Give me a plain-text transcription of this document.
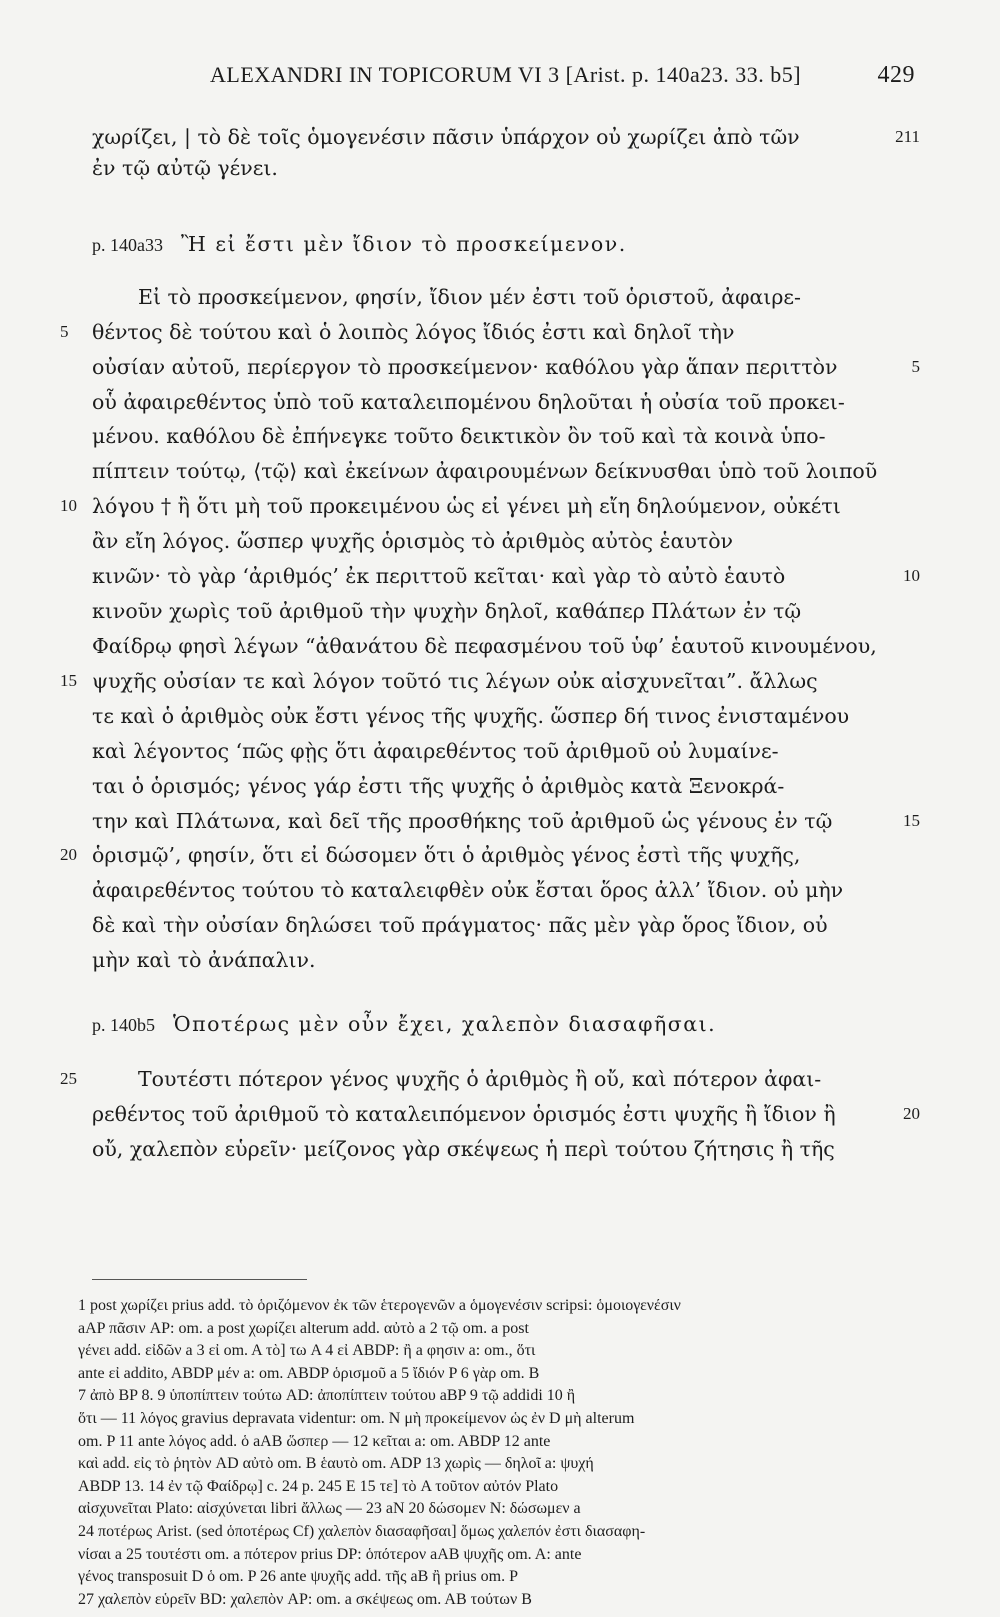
ALEXANDRI IN TOPICORUM VI 3 [Arist. p. 140a23. 33. b5]	429
χωρίζει, | τὸ δὲ τοῖς ὁμογενέσιν πᾶσιν ὑπάρχον οὐ χωρίζει ἀπὸ τῶν	211
ἐν τῷ αὐτῷ γένει.
p. 140a33 Ἢ εἰ ἔστι μὲν ἴδιον τὸ προσκείμενον.
Εἰ τὸ προσκείμενον, φησίν, ἴδιον μέν ἐστι τοῦ ὁριστοῦ, ἀφαιρε-
5	θέντος δὲ τούτου καὶ ὁ λοιπὸς λόγος ἴδιός ἐστι καὶ δηλοῖ τὴν
οὐσίαν αὐτοῦ, περίεργον τὸ προσκείμενον· καθόλου γὰρ ἅπαν περιττὸν	5
οὗ ἀφαιρεθέντος ὑπὸ τοῦ καταλειπομένου δηλοῦται ἡ οὐσία τοῦ προκει-
μένου. καθόλου δὲ ἐπήνεγκε τοῦτο δεικτικὸν ὂν τοῦ καὶ τὰ κοινὰ ὑπο-
πίπτειν τούτῳ, ⟨τῷ⟩ καὶ ἐκείνων ἀφαιρουμένων δείκνυσθαι ὑπὸ τοῦ λοιποῦ
10 λόγου † ἢ ὅτι μὴ τοῦ προκειμένου ὡς εἰ γένει μὴ εἴη δηλούμενον, οὐκέτι
ἂν εἴη λόγος. ὥσπερ ψυχῆς ὁρισμὸς τὸ ἀριθμὸς αὐτὸς ἑαυτὸν
κινῶν· τὸ γὰρ ‘ἀριθμός’ ἐκ περιττοῦ κεῖται· καὶ γὰρ τὸ αὐτὸ ἑαυτὸ	10
κινοῦν χωρὶς τοῦ ἀριθμοῦ τὴν ψυχὴν δηλοῖ, καθάπερ Πλάτων ἐν τῷ
Φαίδρῳ φησὶ λέγων “ἀθανάτου δὲ πεφασμένου τοῦ ὑφ’ ἑαυτοῦ κινουμένου,
15 ψυχῆς οὐσίαν τε καὶ λόγον τοῦτό τις λέγων οὐκ αἰσχυνεῖται”. ἄλλως
τε καὶ ὁ ἀριθμὸς οὐκ ἔστι γένος τῆς ψυχῆς. ὥσπερ δή τινος ἐνισταμένου
καὶ λέγοντος ‘πῶς φῂς ὅτι ἀφαιρεθέντος τοῦ ἀριθμοῦ οὐ λυμαίνε-
ται ὁ ὁρισμός; γένος γάρ ἐστι τῆς ψυχῆς ὁ ἀριθμὸς κατὰ Ξενοκρά-
την καὶ Πλάτωνα, καὶ δεῖ τῆς προσθήκης τοῦ ἀριθμοῦ ὡς γένους ἐν τῷ	15
20 ὁρισμῷ’, φησίν, ὅτι εἰ δώσομεν ὅτι ὁ ἀριθμὸς γένος ἐστὶ τῆς ψυχῆς,
ἀφαιρεθέντος τούτου τὸ καταλειφθὲν οὐκ ἔσται ὅρος ἀλλ’ ἴδιον. οὐ μὴν
δὲ καὶ τὴν οὐσίαν δηλώσει τοῦ πράγματος· πᾶς μὲν γὰρ ὅρος ἴδιον, οὐ
μὴν καὶ τὸ ἀνάπαλιν.
p. 140b5 Ὁποτέρως μὲν οὖν ἔχει, χαλεπὸν διασαφῆσαι.
25	Τουτέστι πότερον γένος ψυχῆς ὁ ἀριθμὸς ἢ οὔ, καὶ πότερον ἀφαι-
ρεθέντος τοῦ ἀριθμοῦ τὸ καταλειπόμενον ὁρισμός ἐστι ψυχῆς ἢ ἴδιον ἢ	20
οὔ, χαλεπὸν εὑρεῖν· μείζονος γὰρ σκέψεως ἡ περὶ τούτου ζήτησις ἢ τῆς
1 post χωρίζει prius add. τὸ ὁριζόμενον ἐκ τῶν ἑτερογενῶν a ὁμογενέσιν scripsi: ὁμοιογενέσιν
aAP πᾶσιν AP: om. a post χωρίζει alterum add. αὐτὸ a 2 τῷ om. a post
γένει add. εἰδῶν a 3 εἰ om. A τὸ] τω A 4 εἰ ABDP: ἢ a φησιν a: om., ὅτι
ante εἰ addito, ABDP μέν a: om. ABDP ὁρισμοῦ a 5 ἴδιόν P 6 γὰρ om. B
7 ἀπὸ BP 8. 9 ὑποπίπτειν τούτω AD: ἀποπίπτειν τούτου aBP 9 τῷ addidi 10 ἢ
ὅτι — 11 λόγος gravius depravata videntur: om. N μὴ προκείμενον ὡς ἐν D μὴ alterum
om. P 11 ante λόγος add. ὁ aAB ὥσπερ — 12 κεῖται a: om. ABDP 12 ante
καὶ add. εἰς τὸ ῥητὸν AD αὐτὸ om. B ἑαυτὸ om. ADP 13 χωρὶς — δηλοῖ a: ψυχή
ABDP 13. 14 ἐν τῷ Φαίδρῳ] c. 24 p. 245 E 15 τε] τὸ A τοῦτον αὐτόν Plato
αἰσχυνεῖται Plato: αἰσχύνεται libri ἄλλως — 23 aN 20 δώσομεν N: δώσωμεν a
24 ποτέρως Arist. (sed ὁποτέρως Cf) χαλεπὸν διασαφῆσαι] ὅμως χαλεπόν ἐστι διασαφη-
νίσαι a 25 τουτέστι om. a πότερον prius DP: ὁπότερον aAB ψυχῆς om. A: ante
γένος transposuit D ὁ om. P 26 ante ψυχῆς add. τῆς aB ἢ prius om. P
27 χαλεπὸν εὑρεῖν BD: χαλεπὸν AP: om. a σκέψεως om. AB τούτων B
